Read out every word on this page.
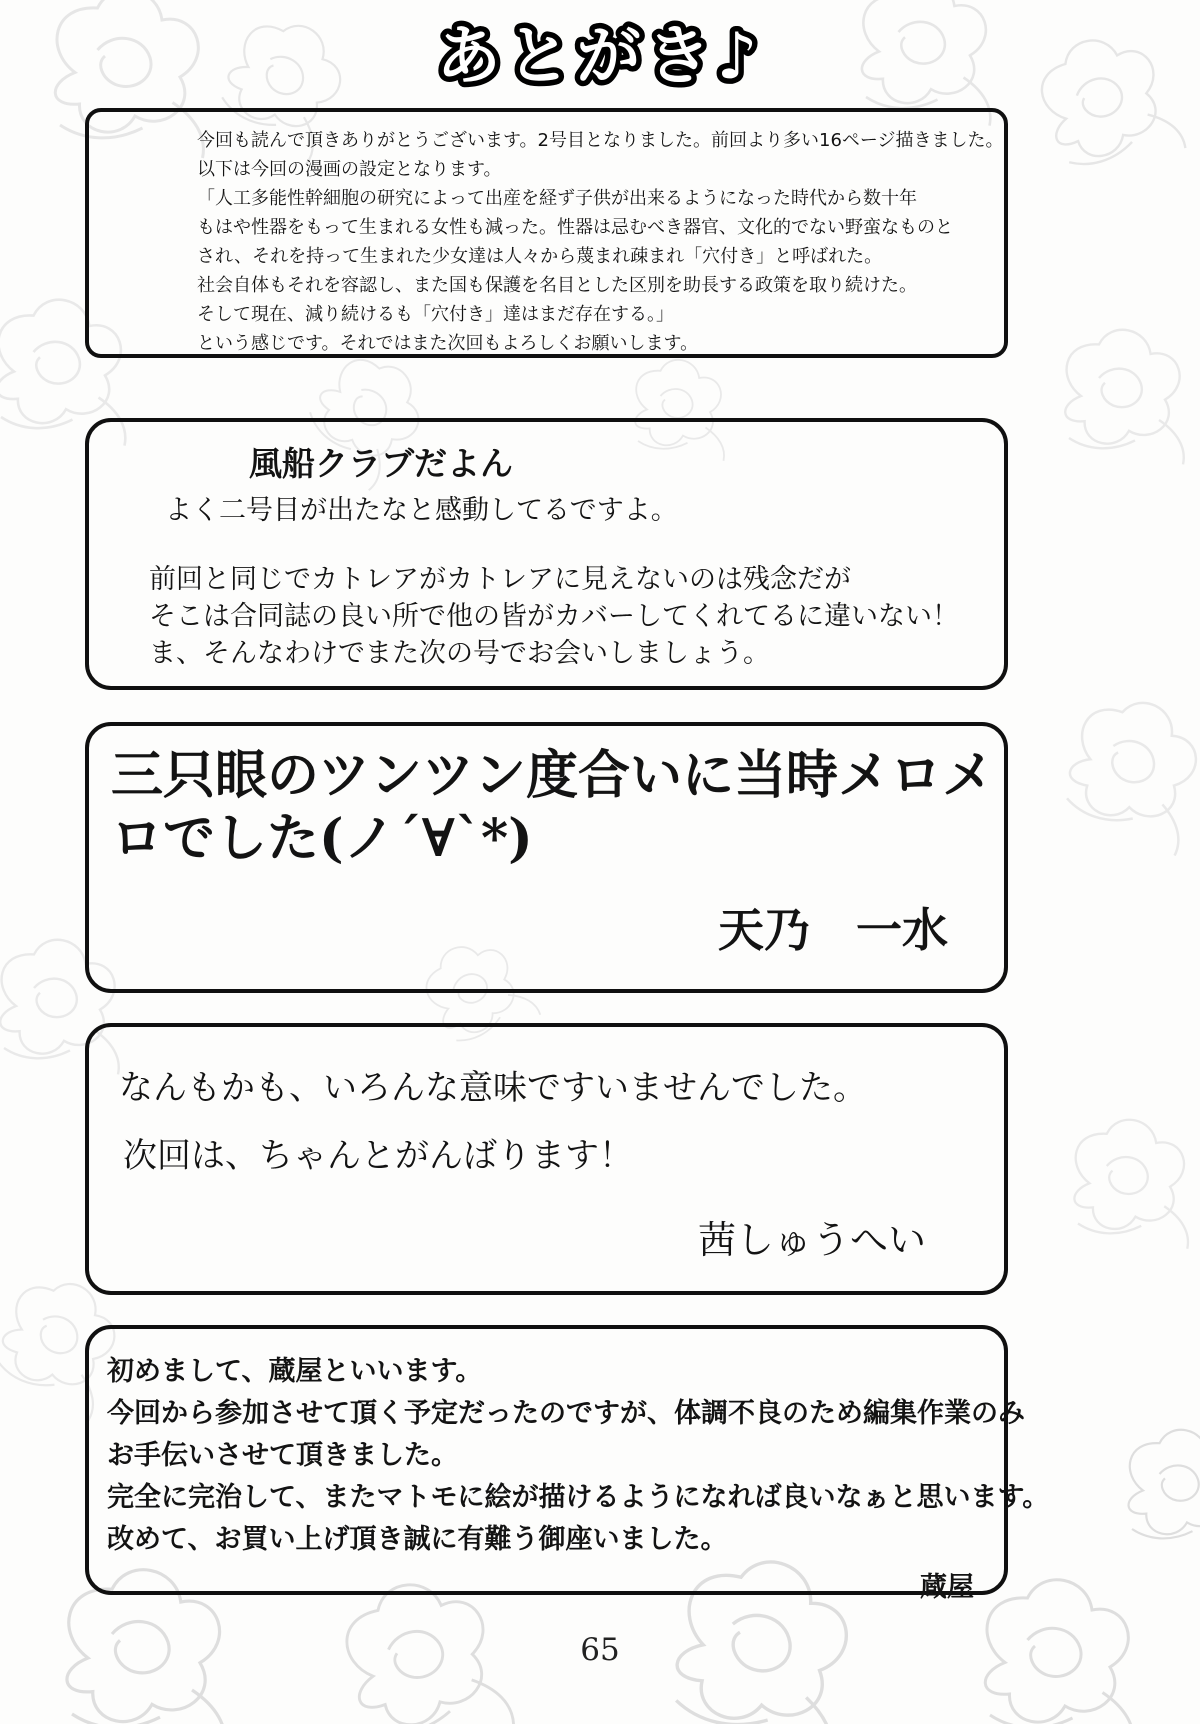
あとがき♪
今回も読んで頂きありがとうございます。2号目となりました。前回より多い16ページ描きました。
以下は今回の漫画の設定となります。
「人工多能性幹細胞の研究によって出産を経ず子供が出来るようになった時代から数十年
もはや性器をもって生まれる女性も減った。性器は忌むべき器官、文化的でない野蛮なものと
され、それを持って生まれた少女達は人々から蔑まれ疎まれ「穴付き」と呼ばれた。
社会自体もそれを容認し、また国も保護を名目とした区別を助長する政策を取り続けた。
そして現在、減り続けるも「穴付き」達はまだ存在する。」
という感じです。それではまた次回もよろしくお願いします。
風船クラブだよん
よく二号目が出たなと感動してるですよ。
前回と同じでカトレアがカトレアに見えないのは残念だが
そこは合同誌の良い所で他の皆がカバーしてくれてるに違いない！
ま、そんなわけでまた次の号でお会いしましょう。
三只眼のツンツン度合いに当時メロメ
ロでした(ノ´∀`*)
天乃　一水
なんもかも、いろんな意味ですいませんでした。
次回は、ちゃんとがんばります！
茜しゅうへい
初めまして、蔵屋といいます。
今回から参加させて頂く予定だったのですが、体調不良のため編集作業のみ
お手伝いさせて頂きました。
完全に完治して、またマトモに絵が描けるようになれば良いなぁと思います。
改めて、お買い上げ頂き誠に有難う御座いました。
蔵屋
65
